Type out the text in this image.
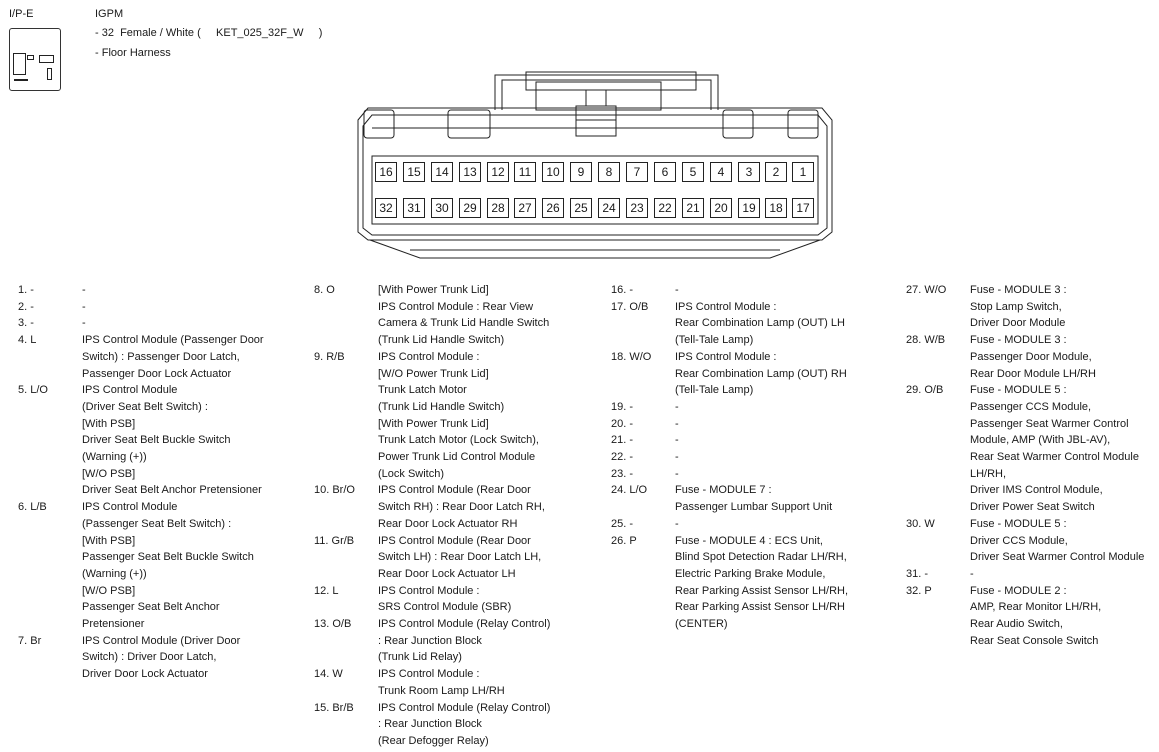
I/P-E	IGPM
- 32  Female / White (     KET_025_32F_W     )
- Floor Harness
16	15	14	13	12	11	10	9	8	7	6	5	4	3	2	1
32	31	30	29	28	27	26	25	24	23	22	21	20	19	18	17
1. -	-
2. -	-
3. -	-
4. L	IPS Control Module (Passenger Door
Switch) : Passenger Door Latch,
Passenger Door Lock Actuator
5. L/O	IPS Control Module
(Driver Seat Belt Switch) :
[With PSB]
Driver Seat Belt Buckle Switch
(Warning (+))
[W/O PSB]
Driver Seat Belt Anchor Pretensioner
6. L/B	IPS Control Module
(Passenger Seat Belt Switch) :
[With PSB]
Passenger Seat Belt Buckle Switch
(Warning (+))
[W/O PSB]
Passenger Seat Belt Anchor
Pretensioner
7. Br	IPS Control Module (Driver Door
Switch) : Driver Door Latch,
Driver Door Lock Actuator
8. O	[With Power Trunk Lid]
IPS Control Module : Rear View
Camera & Trunk Lid Handle Switch
(Trunk Lid Handle Switch)
9. R/B	IPS Control Module :
[W/O Power Trunk Lid]
Trunk Latch Motor
(Trunk Lid Handle Switch)
[With Power Trunk Lid]
Trunk Latch Motor (Lock Switch),
Power Trunk Lid Control Module
(Lock Switch)
10. Br/O IPS Control Module (Rear Door
Switch RH) : Rear Door Latch RH,
Rear Door Lock Actuator RH
11. Gr/B IPS Control Module (Rear Door
Switch LH) : Rear Door Latch LH,
Rear Door Lock Actuator LH
12. L	IPS Control Module :
SRS Control Module (SBR)
13. O/B IPS Control Module (Relay Control)
: Rear Junction Block
(Trunk Lid Relay)
14. W	IPS Control Module :
Trunk Room Lamp LH/RH
15. Br/B IPS Control Module (Relay Control)
: Rear Junction Block
(Rear Defogger Relay)
16. -	-
17. O/B IPS Control Module :
Rear Combination Lamp (OUT) LH
(Tell-Tale Lamp)
18. W/O IPS Control Module :
Rear Combination Lamp (OUT) RH
(Tell-Tale Lamp)
19. -	-
20. -	-
21. -	-
22. -	-
23. -	-
24. L/O	Fuse - MODULE 7 :
Passenger Lumbar Support Unit
25. -	-
26. P	Fuse - MODULE 4 : ECS Unit,
Blind Spot Detection Radar LH/RH,
Electric Parking Brake Module,
Rear Parking Assist Sensor LH/RH,
Rear Parking Assist Sensor LH/RH
(CENTER)
27. W/O Fuse - MODULE 3 :
Stop Lamp Switch,
Driver Door Module
28. W/B Fuse - MODULE 3 :
Passenger Door Module,
Rear Door Module LH/RH
29. O/B Fuse - MODULE 5 :
Passenger CCS Module,
Passenger Seat Warmer Control
Module, AMP (With JBL-AV),
Rear Seat Warmer Control Module
LH/RH,
Driver IMS Control Module,
Driver Power Seat Switch
30. W	Fuse - MODULE 5 :
Driver CCS Module,
Driver Seat Warmer Control Module
31. -	-
32. P	Fuse - MODULE 2 :
AMP, Rear Monitor LH/RH,
Rear Audio Switch,
Rear Seat Console Switch
